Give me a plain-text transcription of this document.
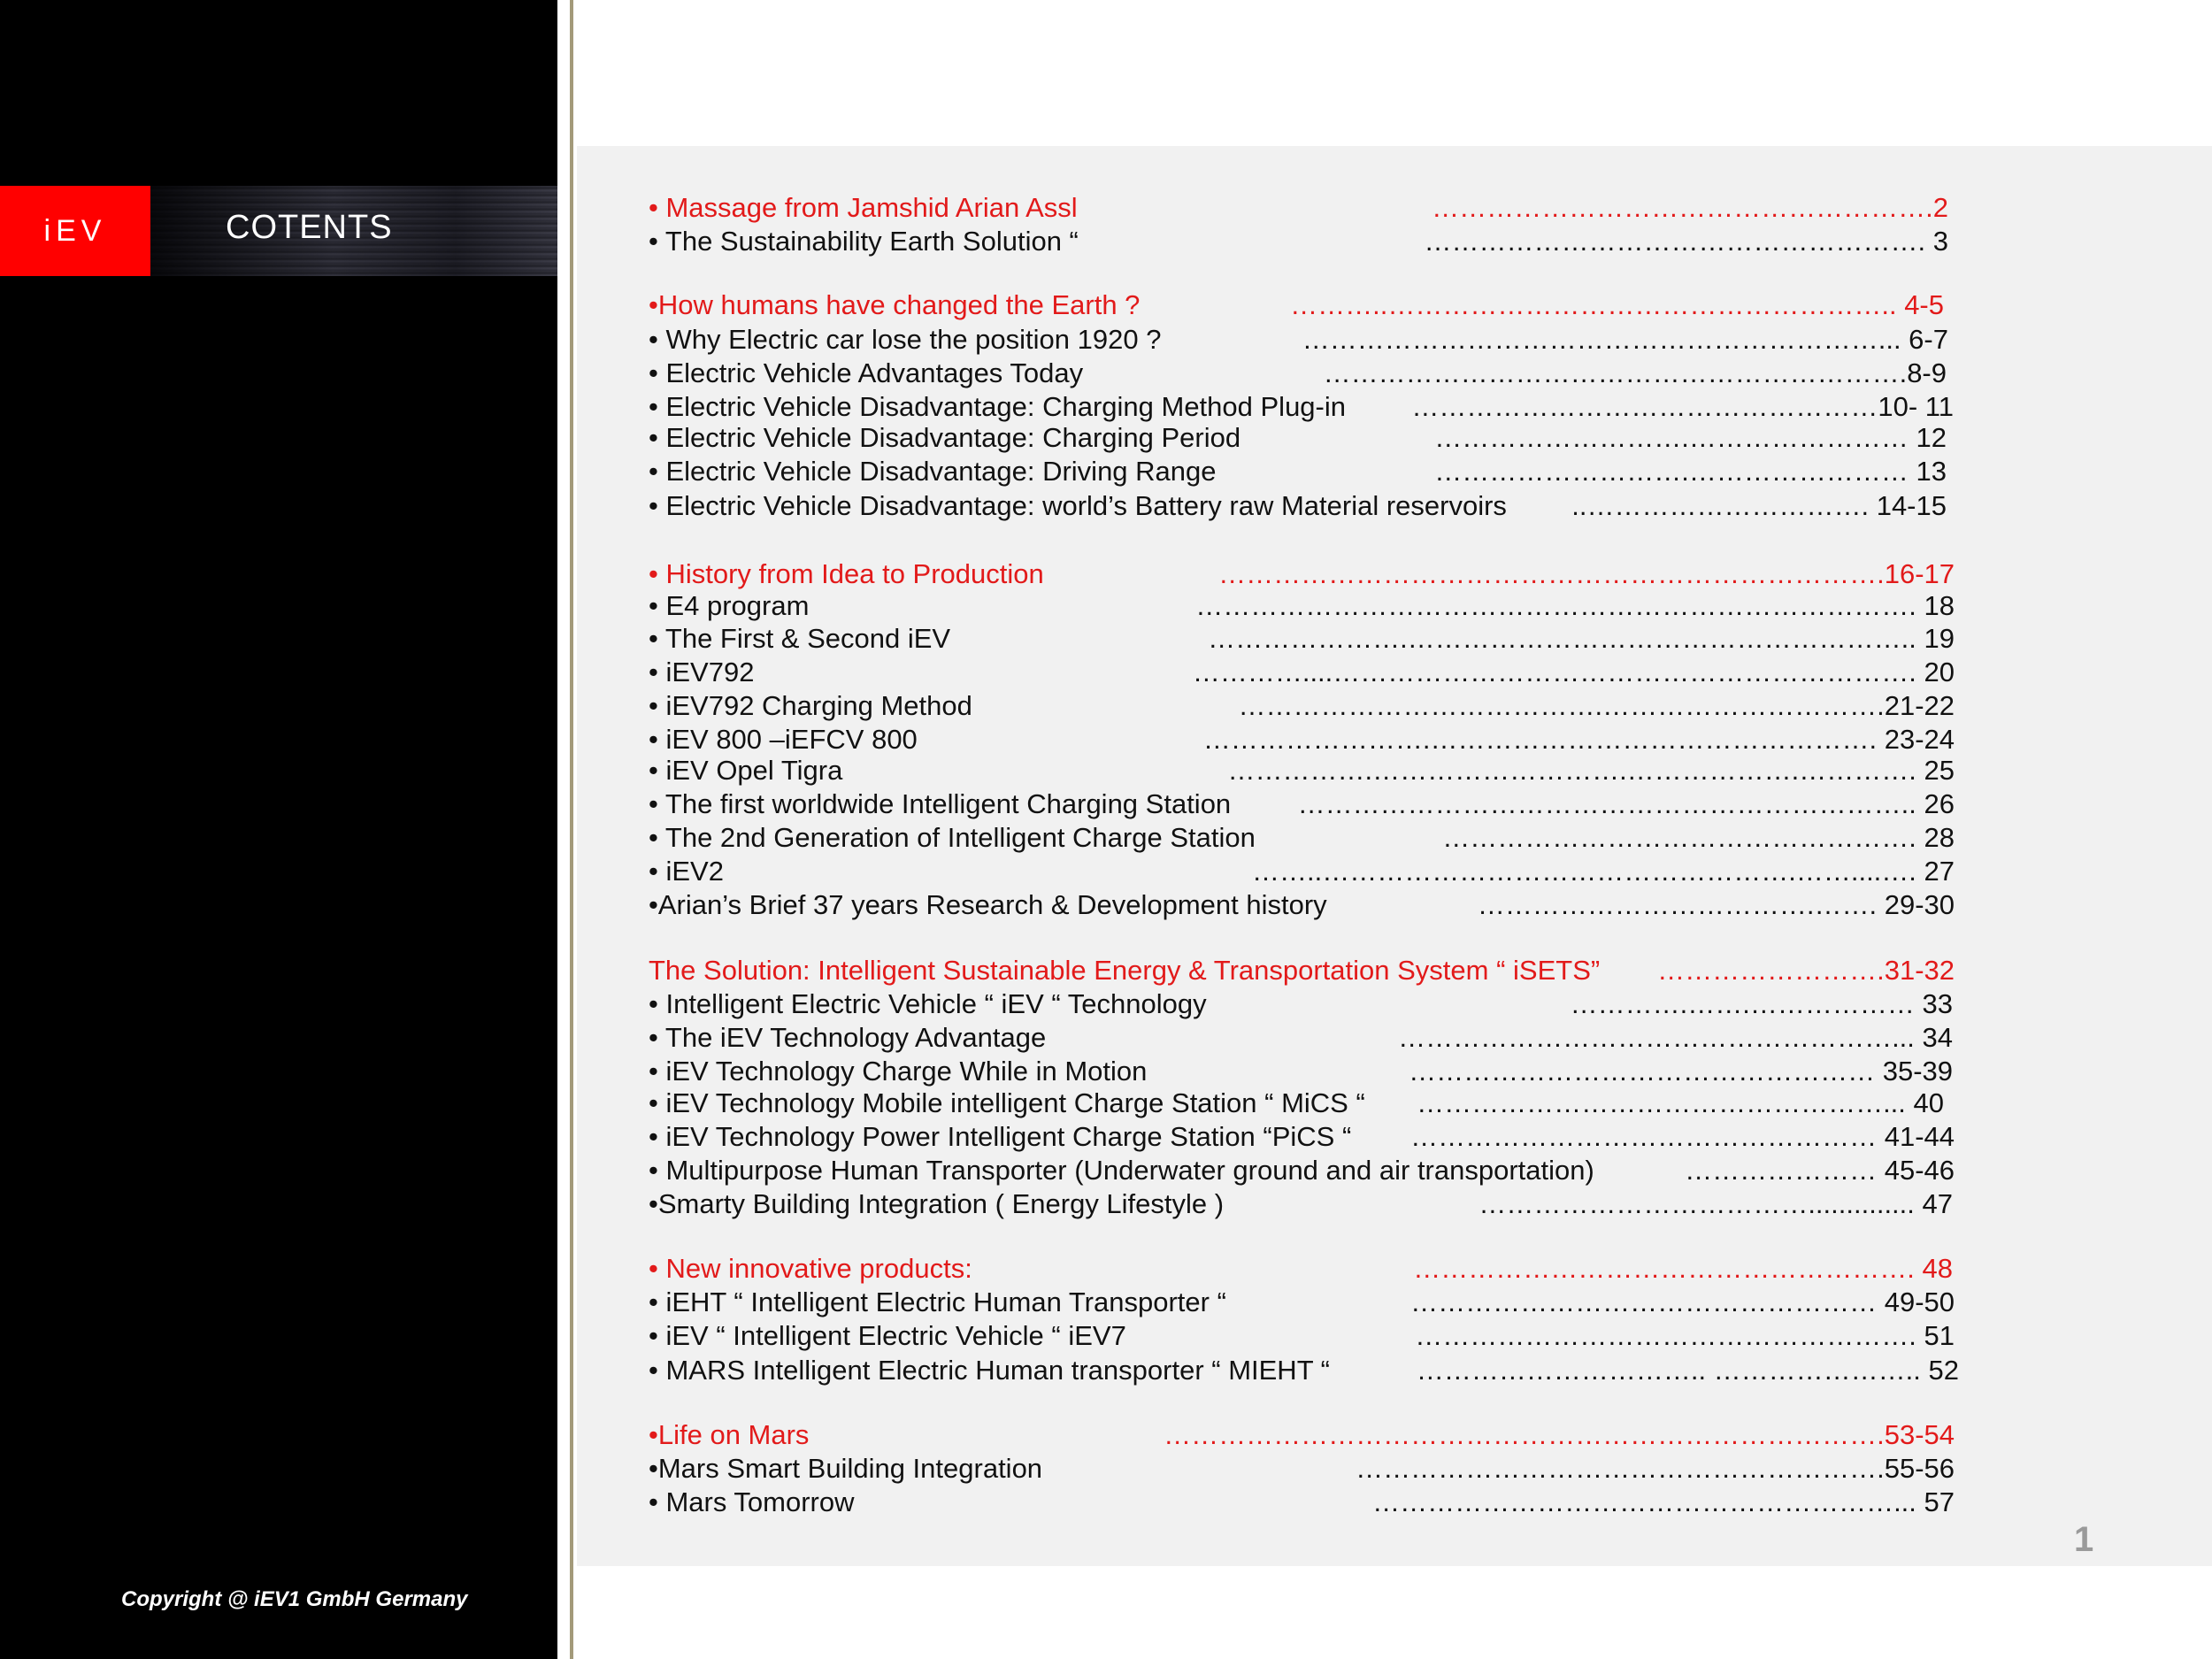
iEV	COTENTS
Copyright @ iEV1 GmbH Germany
• Massage from Jamshid Arian Assl	……………………………………………….2
• The Sustainability Earth Solution “	………………………………………………. 3
•How humans have changed the Earth ?	………..……………………………………………….. 4-5
• Why Electric car lose the position 1920 ?	………………………………………………………... 6-7
• Electric Vehicle Advantages Today	……………………………………………………….8-9
• Electric Vehicle Disadvantage: Charging Method Plug-in ……………………………………………10- 11
• Electric Vehicle Disadvantage: Charging Period	……………………….…………………… 12
• Electric Vehicle Disadvantage: Driving Range	……………………….…………………… 13
• Electric Vehicle Disadvantage: world’s Battery raw Material reservoirs ..…………………………. 14-15
• History from Idea to Production	……………………………………………………………….16-17
• E4 program	……………………………………………………………………. 18
• The First & Second iEV	………………….……………………………………………….. 19
• iEV792	…………....………………………………………………………. 20
• iEV792 Charging Method	………………………………….………………………….21-22
• iEV 800 –iEFCV 800	…………………….…………………………………………. 23-24
• iEV Opel Tigra	…………….……………………….……………….…………. 25
• The first worldwide Intelligent Charging Station ………………………………………………………….. 26
• The 2nd Generation of Intelligent Charge Station	……………………………………………. 28
• iEV2	……..…………………………………………….……....…. 27
•Arian’s Brief 37 years Research & Development history	……………………………….……. 29-30
The Solution: Intelligent Sustainable Energy & Transportation System “ iSETS” …………………….31-32
• Intelligent Electric Vehicle “ iEV “ Technology	………….…….……………… 33
• The iEV Technology Advantage	………………………………………………... 34
• iEV Technology Charge While in Motion	…………………………………………… 35-39
• iEV Technology Mobile intelligent Charge Station “ MiCS “ ……………………………………………... 40
• iEV Technology Power Intelligent Charge Station “PiCS “ …………………………………………… 41-44
• Multipurpose Human Transporter (Underwater ground and air transportation)	………………… 45-46
•Smarty Building Integration ( Energy Lifestyle )	……………………………….............. 47
• New innovative products:	………………………………………………. 48
• iEHT “ Intelligent Electric Human Transporter “	…………………………………………… 49-50
• iEV “ Intelligent Electric Vehicle “ iEV7	………………………………………………. 51
• MARS Intelligent Electric Human transporter “ MIEHT “	………………………….. ………………….. 52
•Life on Mars	…………………………………………………………………….53-54
•Mars Smart Building Integration	………………………………………………….55-56
• Mars Tomorrow	…………………………………………………... 57
1
